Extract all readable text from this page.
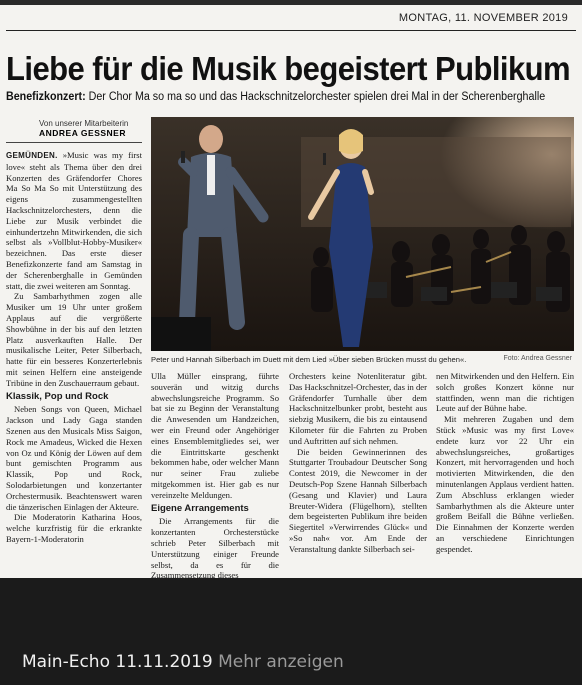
MONTAG, 11. NOVEMBER 2019
Liebe für die Musik begeistert Publikum
Benefizkonzert: Der Chor Ma so ma so und das Hackschnitzelorchester spielen drei Mal in der Scherenberghalle
Von unserer Mitarbeiterin
ANDREA GESSNER

GEMÜNDEN. »Music was my first love« steht als Thema über den drei Konzerten des Gräfendorfer Chores Ma So Ma So mit Unterstützung des eigens zusammengestellten Hackschnitzelorchesters, denn die Liebe zur Musik verbindet die einhundertzehn Mitwirkenden, die sich selbst als »Vollblut-Hobby-Musiker« bezeichnen. Das erste dieser Benefizkonzerte fand am Samstag in der Scherenberghalle in Gemünden statt, die zwei weiteren am Sonntag.

Zu Sambarhythmen zogen alle Musiker um 19 Uhr unter großem Applaus auf die vergrößerte Showbühne in der bis auf den letzten Platz ausverkauften Halle. Der musikalische Leiter, Peter Silberbach, hatte für ein besseres Konzerterlebnis mit seinen Helfern eine ansteigende Tribüne in den Zuschauerraum gebaut.

Klassik, Pop und Rock

Neben Songs von Queen, Michael Jackson und Lady Gaga standen Szenen aus den Musicals Miss Saigon, Rock me Amadeus, Wicked die Hexen von Oz und König der Löwen auf dem bunt gemischten Programm aus Klassik, Pop und Rock, Solodarbietungen und konzertanter Orchestermusik. Beachtenswert waren die tänzerischen Einlagen der Akteure.

Die Moderatorin Katharina Hoos, welche kurzfristig für die erkrankte Bayern-1-Moderatorin

Peter und Hannah Silberbach im Duett mit dem Lied »Über sieben Brücken musst du gehen«.	Foto: Andrea Gessner

Ulla Müller einsprang, führte souverän und witzig durchs abwechslungsreiche Programm. So bat sie zu Beginn der Veranstaltung die Anwesenden um Handzeichen, wer ein Freund oder Angehöriger eines Ensemblemitgliedes sei, wer die Eintrittskarte geschenkt bekommen habe, oder welcher Mann nur seiner Frau zuliebe mitgekommen ist. Hier gab es nur vereinzelte Meldungen.

Eigene Arrangements

Die Arrangements für die konzertanten Orchesterstücke schrieb Peter Silberbach mit Unterstützung einiger Freunde selbst, da es für die Zusammensetzung dieses

Orchesters keine Notenliteratur gibt. Das Hackschnitzel-Orchester, das in der Gräfendorfer Turnhalle über dem Hackschnitzelbunker probt, besteht aus siebzig Musikern, die bis zu eintausend Kilometer für die Fahrten zu Proben und Auftritten auf sich nehmen.

Die beiden Gewinnerinnen des Stuttgarter Troubadour Deutscher Song Contest 2019, die Newcomer in der Deutsch-Pop Szene Hannah Silberbach (Gesang und Klavier) und Laura Breuter-Widera (Flügelhorn), stellten dem begeisterten Publikum ihre beiden Siegertitel »Verwirrendes Glück« und »So nah« vor. Am Ende der Veranstaltung dankte Silberbach sei-

nen Mitwirkenden und den Helfern. Ein solch großes Konzert könne nur stattfinden, wenn man die richtigen Leute auf der Bühne habe.

Mit mehreren Zugaben und dem Stück »Music was my first Love« endete kurz vor 22 Uhr ein abwechslungsreiches, großartiges Konzert, mit hervorragenden und hoch motivierten Mitwirkenden, die den minutenlangen Applaus verdient hatten. Zum Abschluss erklangen wieder Sambarhythmen als die Akteure unter großem Beifall die Bühne verließen. Die Einnahmen der Konzerte werden an verschiedene Einrichtungen gespendet.

Main-Echo 11.11.2019 Mehr anzeigen
